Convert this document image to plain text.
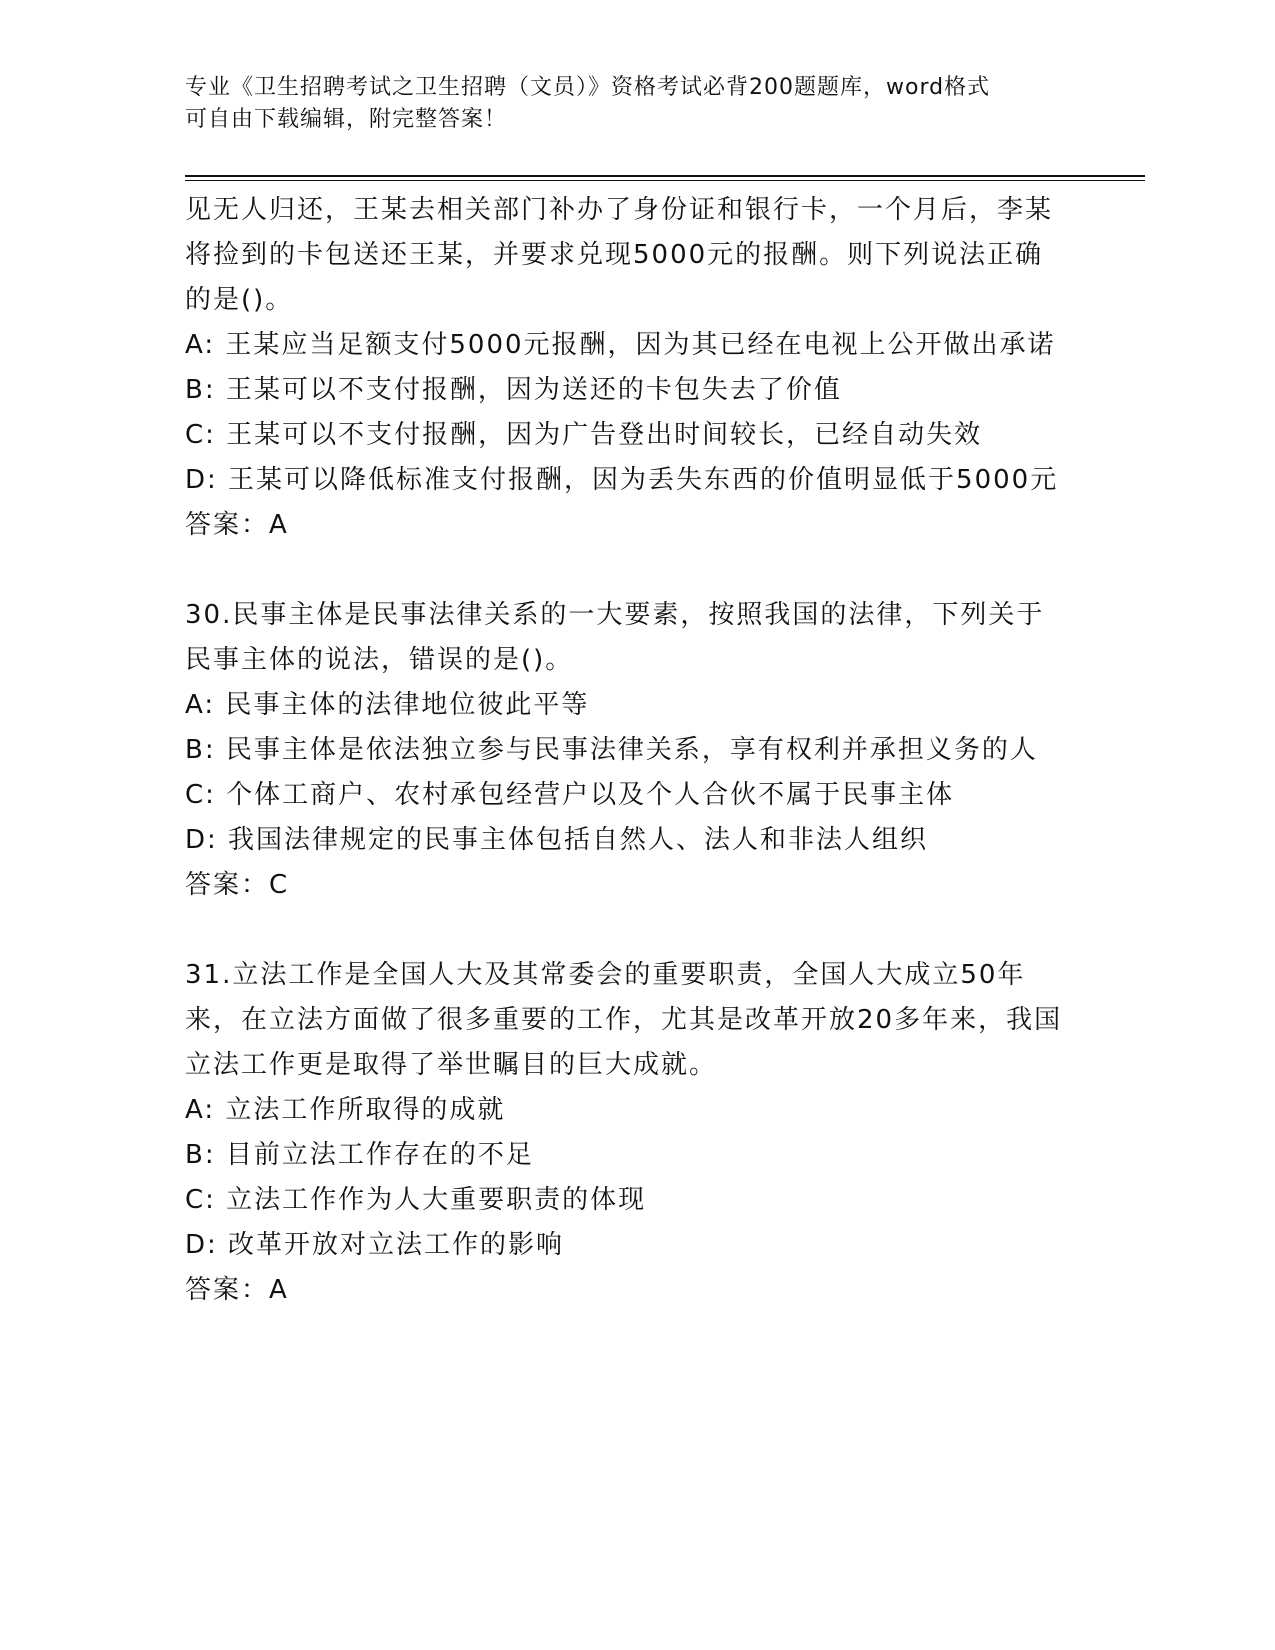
专业《卫生招聘考试之卫生招聘（文员）》资格考试必背200题题库，word格式
可自由下载编辑，附完整答案！

见无人归还，王某去相关部门补办了身份证和银行卡，一个月后，李某将捡到的卡包送还王某，并要求兑现5000元的报酬。则下列说法正确的是()。

A: 王某应当足额支付5000元报酬，因为其已经在电视上公开做出承诺

B: 王某可以不支付报酬，因为送还的卡包失去了价值

C: 王某可以不支付报酬，因为广告登出时间较长，已经自动失效

D: 王某可以降低标准支付报酬，因为丢失东西的价值明显低于5000元

答案：A

30.民事主体是民事法律关系的一大要素，按照我国的法律，下列关于民事主体的说法，错误的是()。

A: 民事主体的法律地位彼此平等

B: 民事主体是依法独立参与民事法律关系，享有权利并承担义务的人

C: 个体工商户、农村承包经营户以及个人合伙不属于民事主体

D: 我国法律规定的民事主体包括自然人、法人和非法人组织

答案：C

31.立法工作是全国人大及其常委会的重要职责，全国人大成立50年来，在立法方面做了很多重要的工作，尤其是改革开放20多年来，我国立法工作更是取得了举世瞩目的巨大成就。

A: 立法工作所取得的成就

B: 目前立法工作存在的不足

C: 立法工作作为人大重要职责的体现

D: 改革开放对立法工作的影响

答案：A
